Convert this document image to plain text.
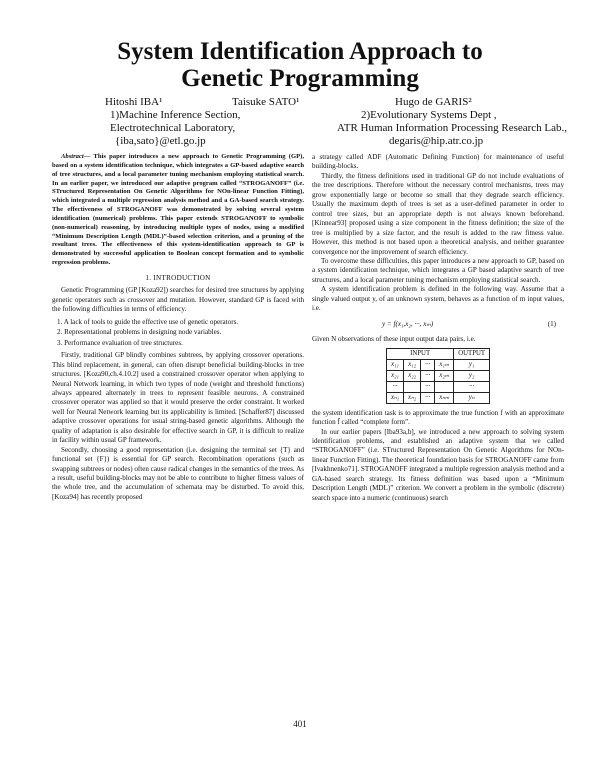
System Identification Approach to
Genetic Programming
Hitoshi IBA¹	Taisuke SATO¹	Hugo de GARIS²
1)Machine Inference Section,
Electrotechnical Laboratory,
{iba,sato}@etl.go.jp
2)Evolutionary Systems Dept ,
ATR Human Information Processing Research Lab.,
degaris@hip.atr.co.jp

Abstract— This paper introduces a new approach to Genetic Programming (GP), based on a system identification technique, which integrates a GP-based adaptive search of tree structures, and a local parameter tuning mechanism employing statistical search. In an earlier paper, we introduced our adaptive program called “STROGANOFF” (i.e. STructured Representation On Genetic Algorithms for NOn-linear Function Fitting), which integrated a multiple regression analysis method and a GA-based search strategy. The effectiveness of STROGANOFF was demonstrated by solving several system identification (numerical) problems. This paper extends STROGANOFF to symbolic (non-numerical) reasoning, by introducing multiple types of nodes, using a modified “Minimum Description Length (MDL)”-based selection criterion, and a pruning of the resultant trees. The effectiveness of this system-identification approach to GP is demonstrated by successful application to Boolean concept formation and to symbolic regression problems.

1. INTRODUCTION

Genetic Programming (GP [Koza92]) searches for desired tree structures by applying genetic operators such as crossover and mutation. However, standard GP is faced with the following difficulties in terms of efficiency.

1. A lack of tools to guide the effective use of genetic operators.
2. Representational problems in designing node variables.
3. Performance evaluation of tree structures.

Firstly, traditional GP blindly combines subtrees, by applying crossover operations. This blind replacement, in general, can often disrupt beneficial building-blocks in tree structures. [Koza90,ch.4.10.2] used a constrained crossover operator when applying to Neural Network learning, in which two types of node (weight and threshold functions) always appeared alternately in trees to represent feasible neurons. A constrained crossover operator was applied so that it would preserve the order constraint. It worked well for Neural Network learning but its applicability is limited. [Schaffer87] discussed adaptive crossover operations for usual string-based genetic algorithms. Although the quality of adaptation is also desirable for effective search in GP, it is difficult to realize in facility within usual GP framework.

Secondly, choosing a good representation (i.e. designing the terminal set {T} and functional set {F}) is essential for GP search. Recombination operations (such as swapping subtrees or nodes) often cause radical changes in the semantics of the trees. As a result, useful building-blocks may not be able to contribute to higher fitness values of the whole tree, and the accumulation of schemata may be disturbed. To avoid this, [Koza94] has recently proposed

a strategy called ADF (Automatic Defining Function) for maintenance of useful building-blocks.

Thirdly, the fitness definitions used in traditional GP do not include evaluations of the tree descriptions. Therefore without the necessary control mechanisms, trees may grow exponentially large or become so small that they degrade search efficiency. Usually the maximum depth of trees is set as a user-defined parameter in order to control tree sizes, but an appropriate depth is not always known beforehand. [Kinnear93] proposed using a size component in the fitness definition; the size of the tree is multiplied by a size factor, and the result is added to the raw fitness value. However, this method is not based upon a theoretical analysis, and neither guarantee convergence nor the improvement of search efficiency.

To overcome these difficulties, this paper introduces a new approach to GP, based on a system identification technique, which integrates a GP based adaptive search of tree structures, and a local parameter tuning mechanism employing statistical search.

A system identification problem is defined in the following way. Assume that a single valued output y, of an unknown system, behaves as a function of m input values, i.e.

y = f(x₁,x₂, ···, xₘ)	(1)

Given N observations of these input output data pairs, i.e.

INPUT				OUTPUT
x₁₁	x₁₂	···	x₁ₘ	y₁
x₂₁	x₂₂	···	x₂ₘ	y₂
···		···		···
xₙ₁	xₙ₂	···	xₙₘ	yₙ

the system identification task is to approximate the true function f with an approximate function f̄ called “complete form”.

In our earlier papers [Iba93a,b], we introduced a new approach to solving system identification problems, and established an adaptive system that we called “STROGANOFF” (i.e. STructured Representation On Genetic Algorithms for NOn-linear Function Fitting). The theoretical foundation basis for STROGANOFF came from [Ivakhnenko71]. STROGANOFF integrated a multiple regression analysis method and a GA-based search strategy. Its fitness definition was based upon a “Minimum Description Length (MDL)” criterion. We convert a problem in the symbolic (discrete) search space into a numeric (continuous) search

401
